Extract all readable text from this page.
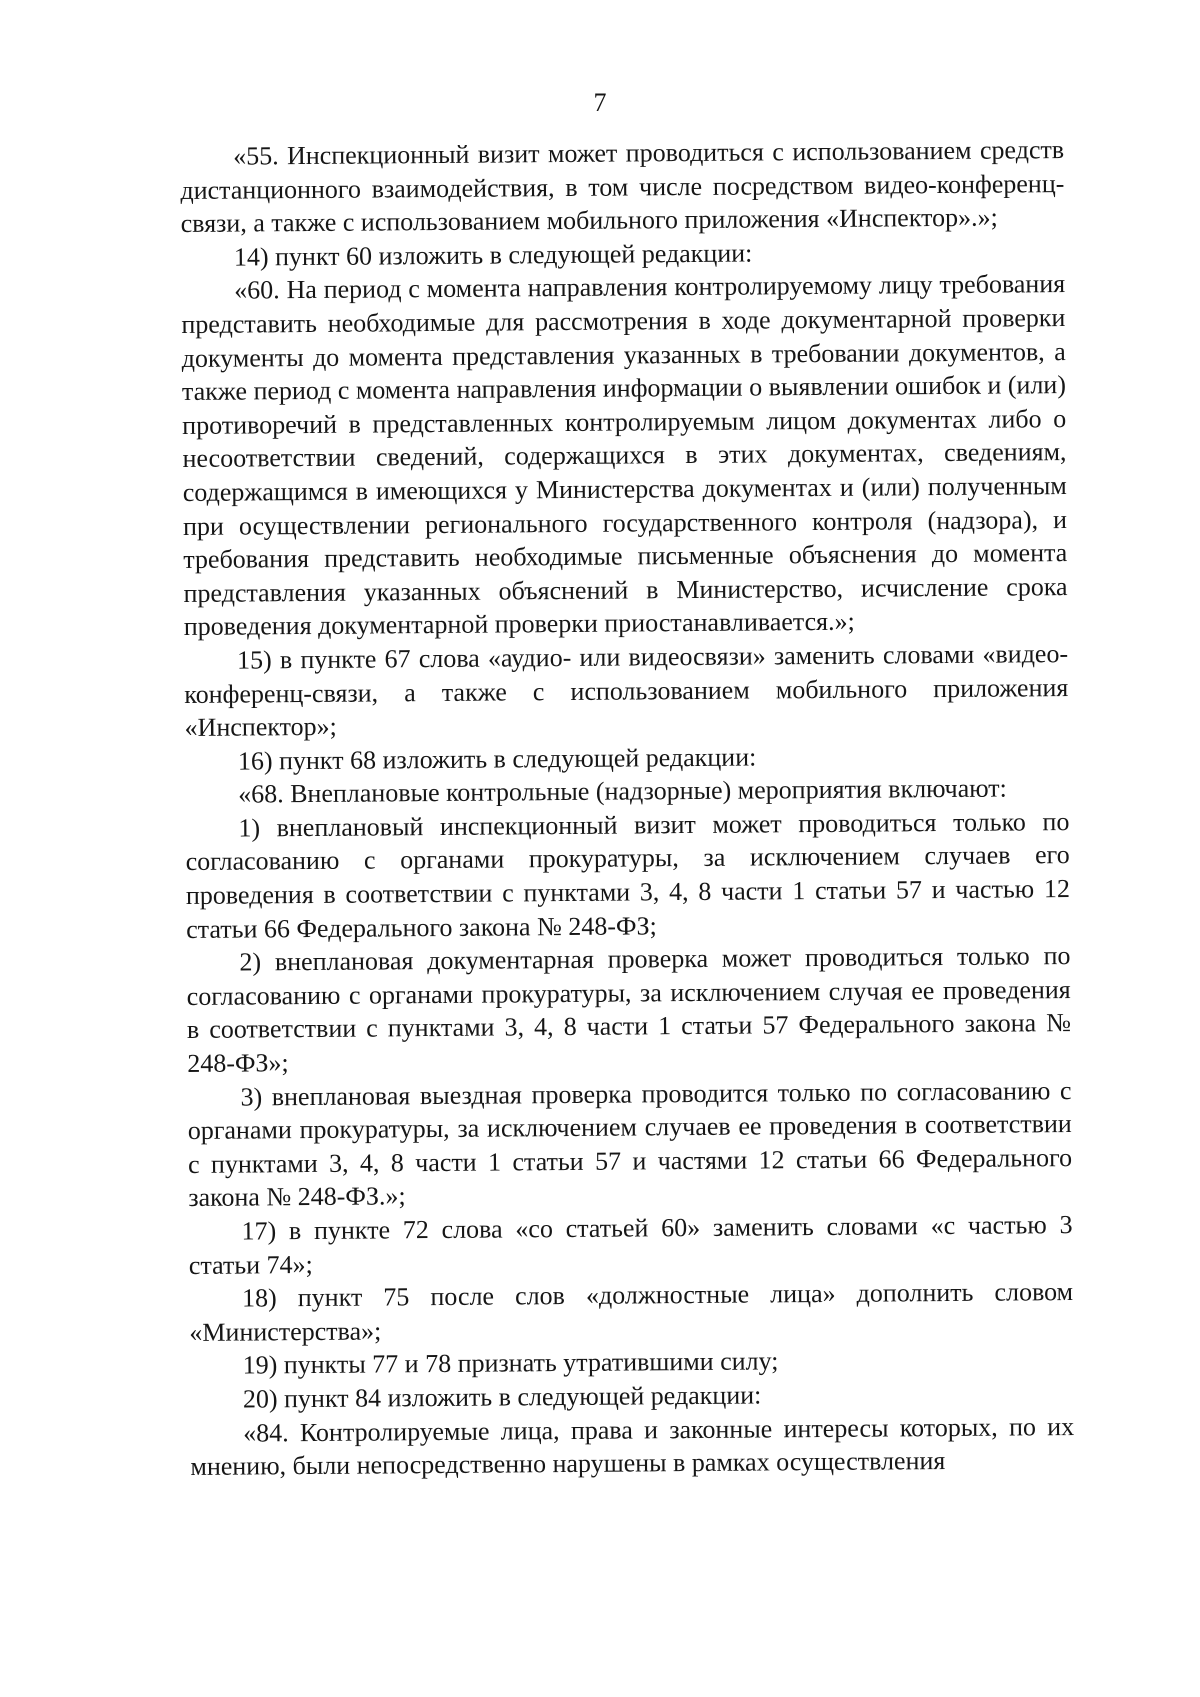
7

«55. Инспекционный визит может проводиться с использованием средств дистанционного взаимодействия, в том числе посредством видео-конференц-связи, а также с использованием мобильного приложения «Инспектор».»;

14) пункт 60 изложить в следующей редакции:

«60. На период с момента направления контролируемому лицу требования представить необходимые для рассмотрения в ходе документарной проверки документы до момента представления указанных в требовании документов, а также период с момента направления информации о выявлении ошибок и (или) противоречий в представленных контролируемым лицом документах либо о несоответствии сведений, содержащихся в этих документах, сведениям, содержащимся в имеющихся у Министерства документах и (или) полученным при осуществлении регионального государственного контроля (надзора), и требования представить необходимые письменные объяснения до момента представления указанных объяснений в Министерство, исчисление срока проведения документарной проверки приостанавливается.»;

15) в пункте 67 слова «аудио- или видеосвязи» заменить словами «видео-конференц-связи, а также с использованием мобильного приложения «Инспектор»;

16) пункт 68 изложить в следующей редакции:

«68. Внеплановые контрольные (надзорные) мероприятия включают:

1) внеплановый инспекционный визит может проводиться только по согласованию с органами прокуратуры, за исключением случаев его проведения в соответствии с пунктами 3, 4, 8 части 1 статьи 57 и частью 12 статьи 66 Федерального закона № 248-ФЗ;

2) внеплановая документарная проверка может проводиться только по согласованию с органами прокуратуры, за исключением случая ее проведения в соответствии с пунктами 3, 4, 8 части 1 статьи 57 Федерального закона № 248-ФЗ»;

3) внеплановая выездная проверка проводится только по согласованию с органами прокуратуры, за исключением случаев ее проведения в соответствии с пунктами 3, 4, 8 части 1 статьи 57 и частями 12 статьи 66 Федерального закона № 248-ФЗ.»;

17) в пункте 72 слова «со статьей 60» заменить словами «с частью 3 статьи 74»;

18) пункт 75 после слов «должностные лица» дополнить словом «Министерства»;

19) пункты 77 и 78 признать утратившими силу;

20) пункт 84 изложить в следующей редакции:

«84. Контролируемые лица, права и законные интересы которых, по их мнению, были непосредственно нарушены в рамках осуществления
